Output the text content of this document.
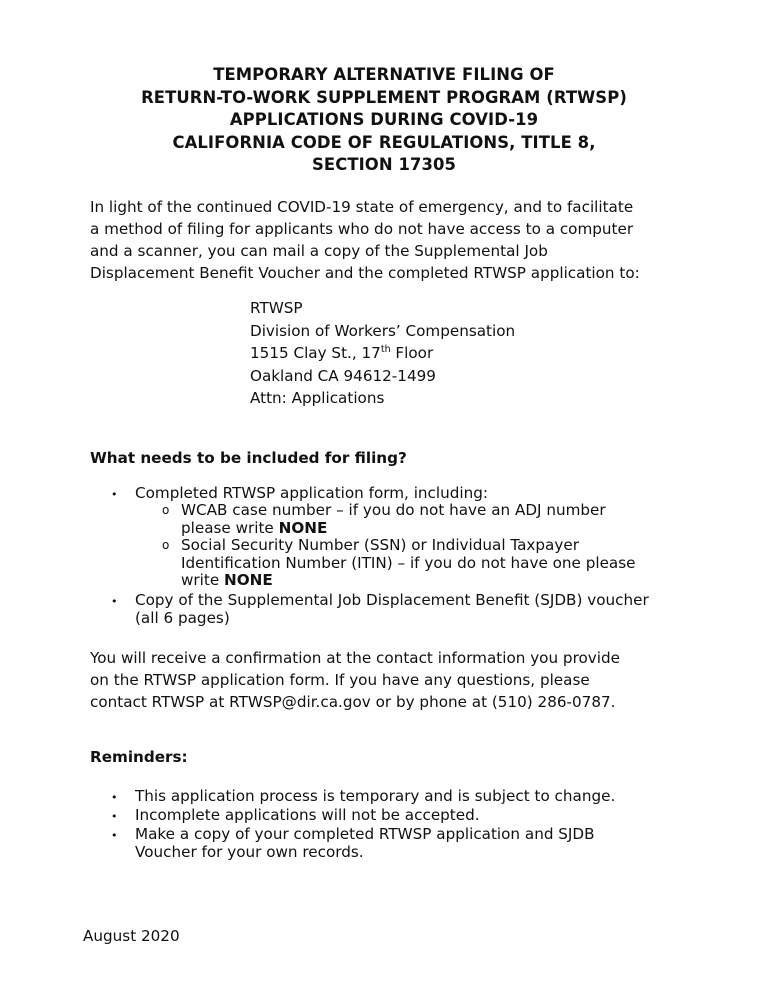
TEMPORARY ALTERNATIVE FILING OF
RETURN-TO-WORK SUPPLEMENT PROGRAM (RTWSP)
APPLICATIONS DURING COVID-19
CALIFORNIA CODE OF REGULATIONS, TITLE 8,
SECTION 17305
In light of the continued COVID-19 state of emergency, and to facilitate
a method of filing for applicants who do not have access to a computer
and a scanner, you can mail a copy of the Supplemental Job
Displacement Benefit Voucher and the completed RTWSP application to:
RTWSP
Division of Workers’ Compensation
1515 Clay St., 17th Floor
Oakland CA 94612-1499
Attn: Applications
What needs to be included for filing?
• Completed RTWSP application form, including:
o WCAB case number – if you do not have an ADJ number
please write NONE
o Social Security Number (SSN) or Individual Taxpayer
Identification Number (ITIN) – if you do not have one please
write NONE
• Copy of the Supplemental Job Displacement Benefit (SJDB) voucher
(all 6 pages)
You will receive a confirmation at the contact information you provide
on the RTWSP application form. If you have any questions, please
contact RTWSP at RTWSP@dir.ca.gov or by phone at (510) 286-0787.
Reminders:
• This application process is temporary and is subject to change.
• Incomplete applications will not be accepted.
• Make a copy of your completed RTWSP application and SJDB
Voucher for your own records.
August 2020
